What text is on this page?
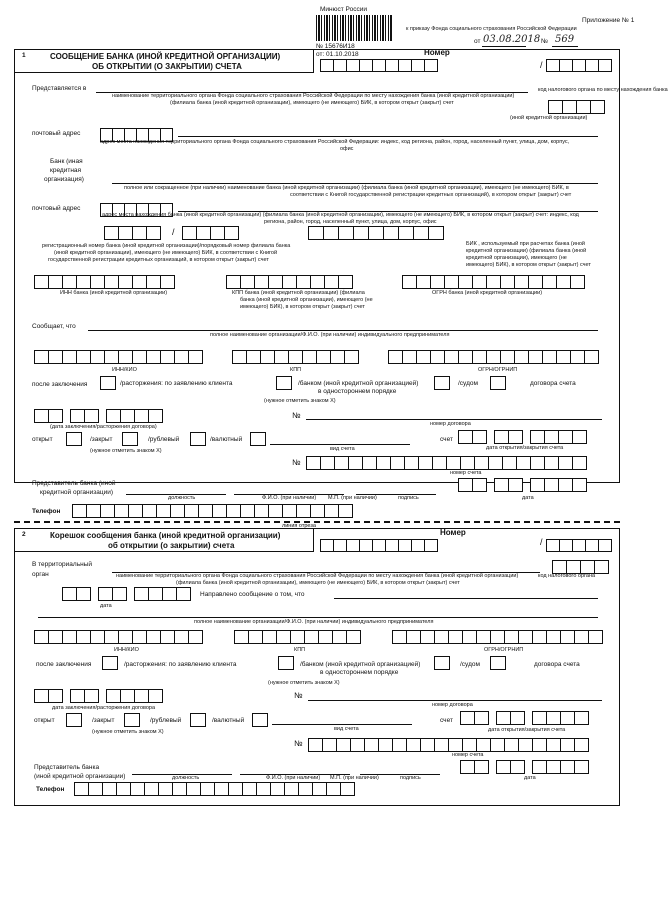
Минюст России
№ 15676И18
от: 01.10.2018
Приложение № 1
к приказу Фонда социального страхования Российской Федерации
от 03.08.2018 № 569
1	СООБЩЕНИЕ БАНКА (ИНОЙ КРЕДИТНОЙ ОРГАНИЗАЦИИ)
ОБ ОТКРЫТИИ (О ЗАКРЫТИИ) СЧЕТА
Номер
/
Представляется в
наименование территориального органа Фонда социального страхования Российской Федерации по месту нахождения банка (иной кредитной организации)
(филиала банка (иной кредитной организации), имеющего (не имеющего) БИК, в котором открыт (закрыт) счет
код налогового органа по месту нахождения банка
(иной кредитной организации)
почтовый адрес
адрес места нахождения территориального органа Фонда социального страхования Российской Федерации: индекс, код региона, район, город, населенный пункт, улица, дом, корпус,
офис
Банк (иная
кредитная
организация)
полное или сокращенное (при наличии) наименование банка (иной кредитной организации) (филиала банка (иной кредитной организации), имеющего (не имеющего) БИК, в
соответствии с Книгой государственной регистрации кредитных организаций), в котором открыт (закрыт) счет
почтовый адрес
адрес места нахождения банка (иной кредитной организации) (филиала банка (иной кредитной организации), имеющего (не имеющего) БИК, в котором открыт (закрыт) счет: индекс, код
региона, район, город, населенный пункт, улица, дом, корпус, офис
/
регистрационный номер банка (иной кредитной организации)/порядковый номер филиала банка
(иной кредитной организации), имеющего (не имеющего) БИК, в соответствии с Книгой
государственной регистрации кредитных организаций, в котором открыт (закрыт) счет
БИК , используемый при расчетах банка (иной
кредитной организации) (филиала банка (иной
кредитной организации), имеющего (не
имеющего) БИК), в котором открыт (закрыт) счет
ИНН банка (иной кредитной организации)	КПП банка (иной кредитной организации) (филиала
банка (иной кредитной организации), имеющего (не
имеющего) БИК), в котором открыт (закрыт) счет
ОГРН банка (иной кредитной организации)
Сообщает, что
полное наименование организации/Ф.И.О. (при наличии) индивидуального предпринимателя
ИНН/КИО	КПП	ОГРН/ОГРНИП
после заключения	/расторжения: по заявлению клиента	/банком (иной кредитной организацией)
в одностороннем порядке
/судом	договора счета
(нужное отметить знаком X)
(дата заключения/расторжения договора)
№
номер договора
открыт	/закрыт	/рублевый	/валютный
(нужное отметить знаком X)	вид счета
счет
дата открытия/закрытия счета
№
номер счета
Представитель банка (иной
кредитной организации)
должность	Ф.И.О. (при наличии) М.П. (при наличии)	подпись	дата
Телефон
линия отреза
2	Корешок сообщения банка (иной кредитной организации)
об открытии (о закрытии) счета
Номер
/
В территориальный
орган	наименование территориального органа Фонда социального страхования Российской Федерации по месту нахождения банка (иной кредитной организации)
(филиала банка (иной кредитной организации), имеющего (не имеющего) БИК, в котором открыт (закрыт) счет
код налогового органа
дата
Направлено сообщение о том, что
полное наименование организации/Ф.И.О. (при наличии) индивидуального предпринимателя
ИНН/КИО	КПП	ОГРН/ОГРНИП
после заключения	/расторжения: по заявлению клиента	/банком (иной кредитной организацией)
в одностороннем порядке
/судом	договора счета
(нужное отметить знаком X)
дата заключения/расторжения договора
№
номер договора
открыт	/закрыт	/рублевый	/валютный
(нужное отметить знаком X)	вид счета
счет
дата открытия/закрытия счета
№
номер счета
Представитель банка
(иной кредитной организации)	должность	Ф.И.О. (при наличии) М.П. (при наличии)	подпись	дата
Телефон
